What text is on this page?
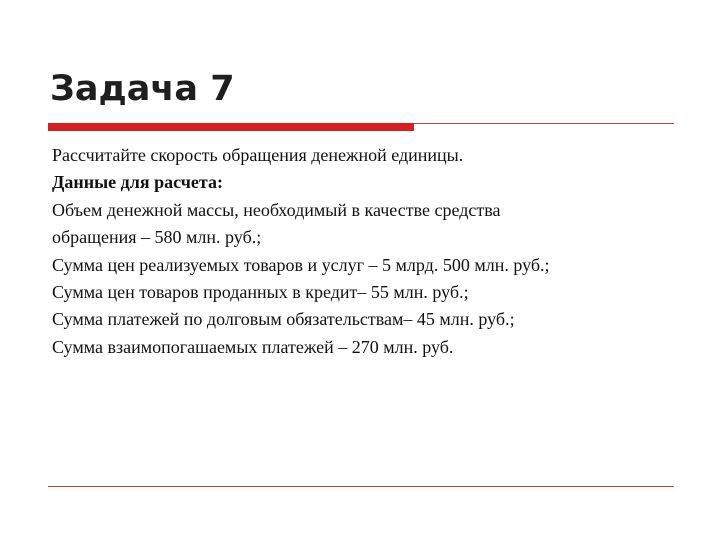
Задача 7
Рассчитайте скорость обращения денежной единицы.
Данные для расчета:
Объем денежной массы, необходимый в качестве средства
обращения – 580 млн. руб.;
Сумма цен реализуемых товаров и услуг – 5 млрд. 500 млн. руб.;
Сумма цен товаров проданных в кредит– 55 млн. руб.;
Сумма платежей по долговым обязательствам– 45 млн. руб.;
Сумма взаимопогашаемых платежей – 270 млн. руб.
